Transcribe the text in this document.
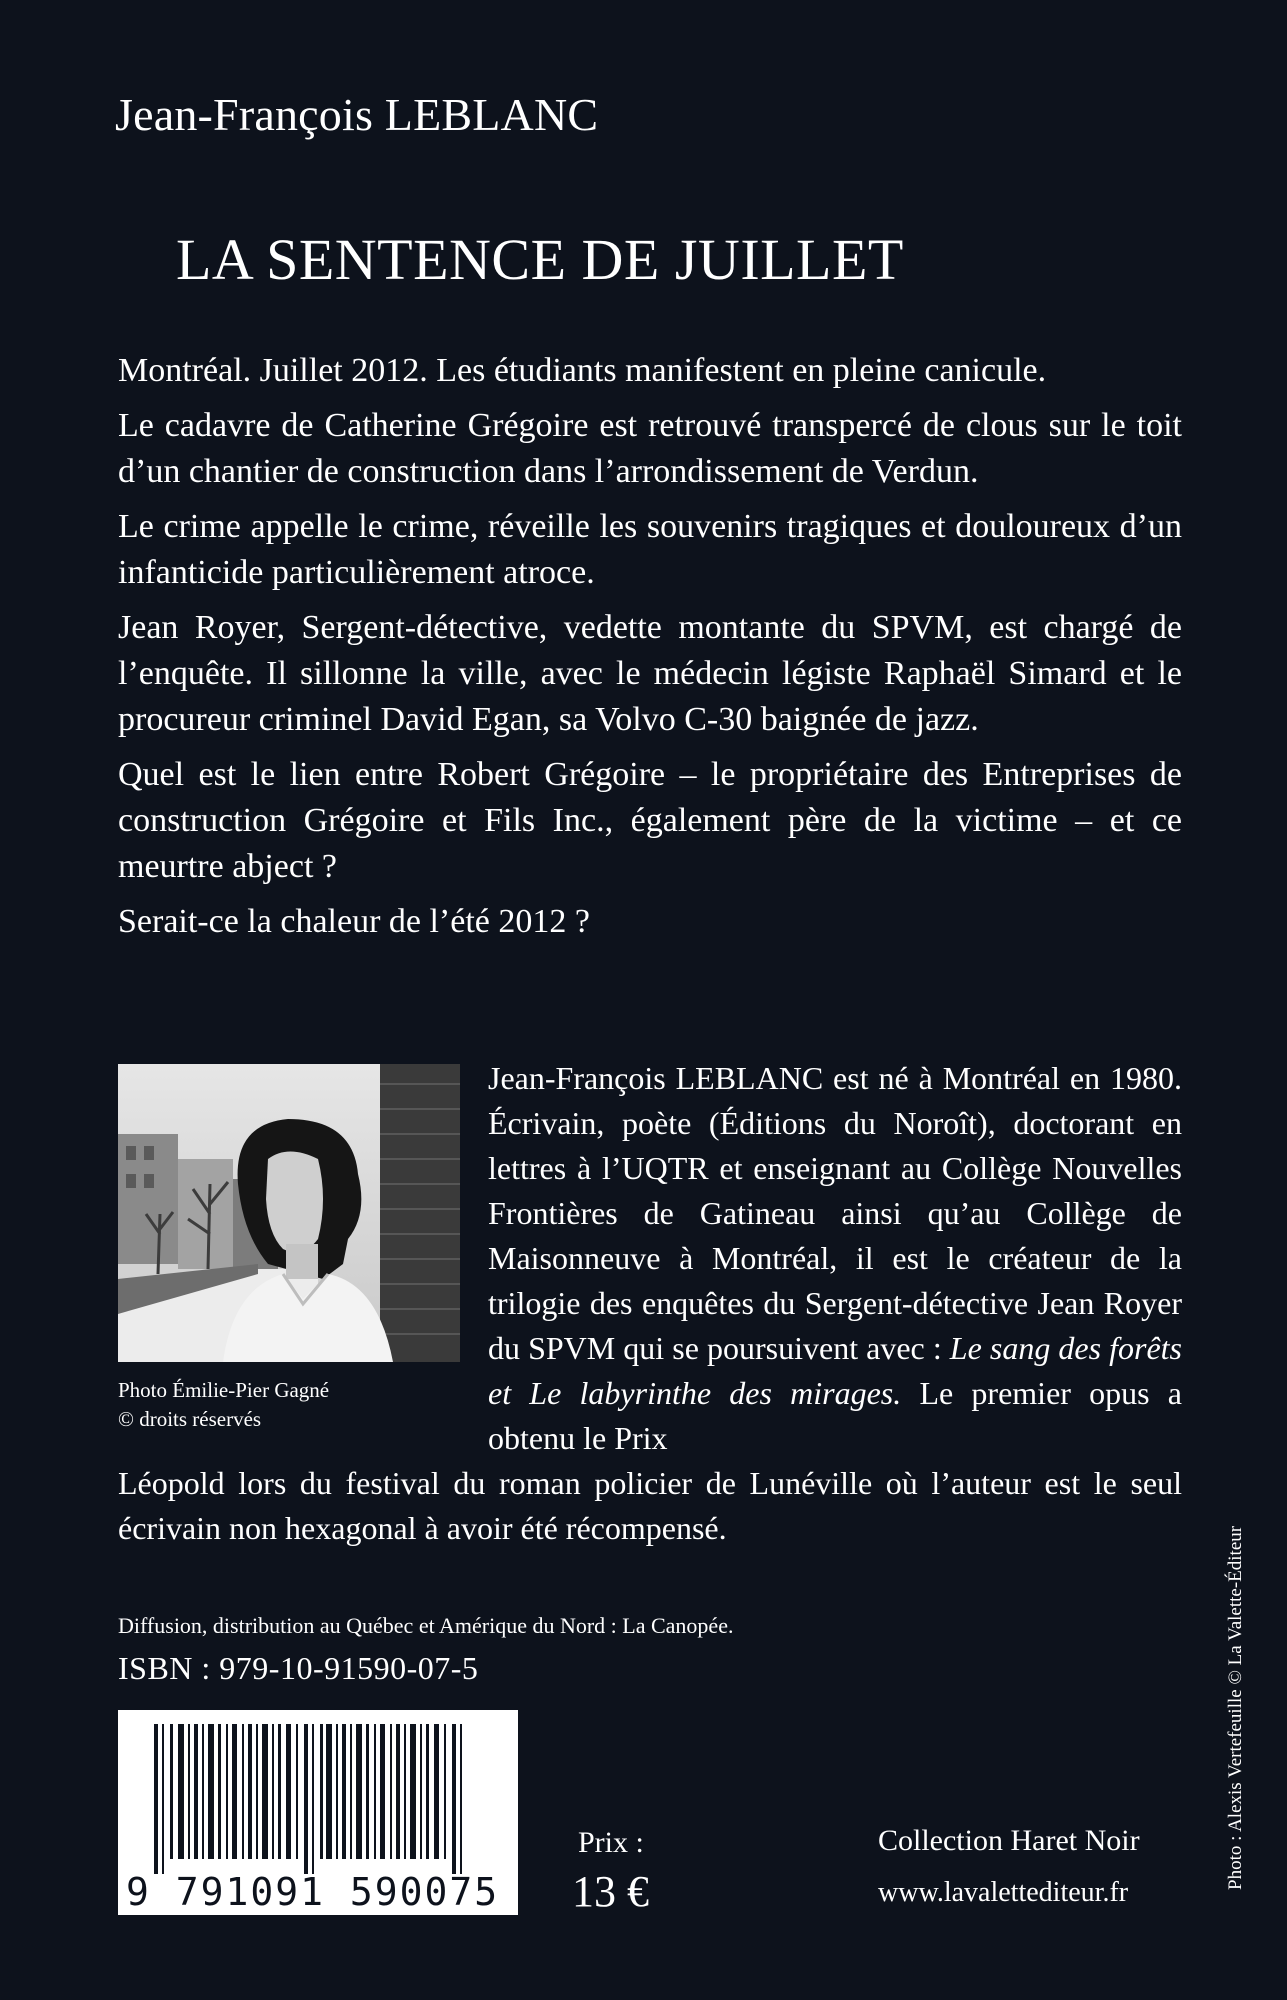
Jean-François LEBLANC
LA SENTENCE DE JUILLET

Montréal. Juillet 2012. Les étudiants manifestent en pleine canicule.

Le cadavre de Catherine Grégoire est retrouvé transpercé de clous sur le toit d’un chantier de construction dans l’arrondissement de Verdun.

Le crime appelle le crime, réveille les souvenirs tragiques et douloureux d’un infanticide particulièrement atroce.

Jean Royer, Sergent-détective, vedette montante du SPVM, est chargé de l’enquête. Il sillonne la ville, avec le médecin légiste Raphaël Simard et le procureur criminel David Egan, sa Volvo C-30 baignée de jazz.

Quel est le lien entre Robert Grégoire – le propriétaire des Entreprises de construction Grégoire et Fils Inc., également père de la victime – et ce meurtre abject ?

Serait-ce la chaleur de l’été 2012 ?

Photo Émilie-Pier Gagné
© droits réservés
Jean-François LEBLANC est né à Montréal en 1980. Écrivain, poète (Éditions du Noroît), doctorant en lettres à l’UQTR et enseignant au Collège Nouvelles Frontières de Gatineau ainsi qu’au Collège de Maisonneuve à Montréal, il est le créateur de la trilogie des enquêtes du Sergent-détective Jean Royer du SPVM qui se poursuivent avec : Le sang des forêts et Le labyrinthe des mirages. Le premier opus a obtenu le Prix
Léopold lors du festival du roman policier de Lunéville où l’auteur est le seul écrivain non hexagonal à avoir été récompensé.
Diffusion, distribution au Québec et Amérique du Nord : La Canopée.
ISBN : 979-10-91590-07-5
9 791091 590075
Prix :
13 €
Collection Haret Noir
www.lavalettediteur.fr
Photo : Alexis Vertefeuille © La Valette-Éditeur
